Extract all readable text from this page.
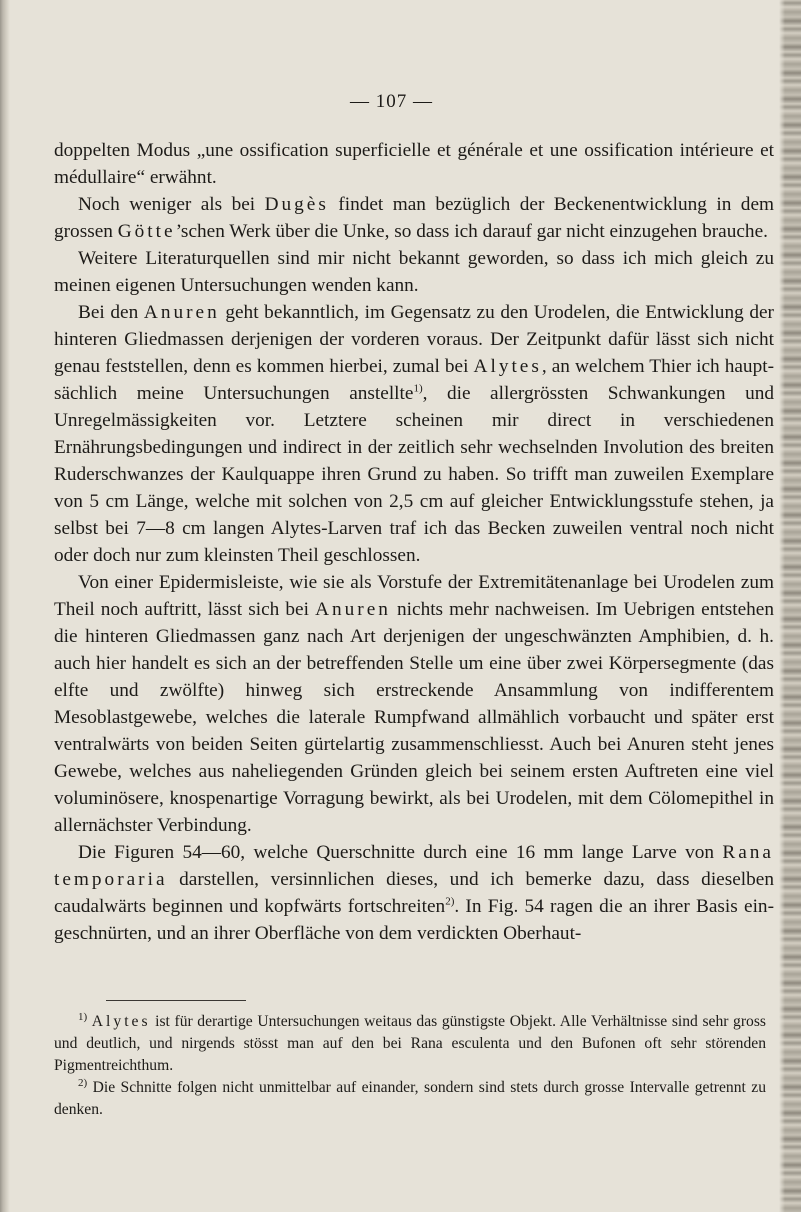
— 107 —

doppelten Modus „une ossification superficielle et générale et une ossification intérieure et médullaire“ erwähnt.

Noch weniger als bei Dugès findet man bezüglich der Beckenentwicklung in dem grossen Götte’schen Werk über die Unke, so dass ich darauf gar nicht einzugehen brauche.

Weitere Literaturquellen sind mir nicht bekannt geworden, so dass ich mich gleich zu meinen eigenen Untersuchungen wenden kann.

Bei den Anuren geht bekanntlich, im Gegensatz zu den Urodelen, die Entwicklung der hinteren Gliedmassen derjenigen der vorderen voraus. Der Zeitpunkt dafür lässt sich nicht genau feststellen, denn es kommen hierbei, zumal bei Alytes, an welchem Thier ich hauptsächlich meine Untersuchungen anstellte$^{1)}$, die allergrössten Schwankungen und Unregelmässigkeiten vor. Letztere scheinen mir direct in verschiedenen Ernährungsbedingungen und indirect in der zeitlich sehr wechselnden Involution des breiten Ruderschwanzes der Kaulquappe ihren Grund zu haben. So trifft man zuweilen Exemplare von 5 cm Länge, welche mit solchen von 2,5 cm auf gleicher Entwicklungsstufe stehen, ja selbst bei 7—8 cm langen Alytes-Larven traf ich das Becken zuweilen ventral noch nicht oder doch nur zum kleinsten Theil geschlossen.

Von einer Epidermisleiste, wie sie als Vorstufe der Extremitätenanlage bei Urodelen zum Theil noch auftritt, lässt sich bei Anuren nichts mehr nachweisen. Im Uebrigen entstehen die hinteren Gliedmassen ganz nach Art derjenigen der ungeschwänzten Amphibien, d. h. auch hier handelt es sich an der betreffenden Stelle um eine über zwei Körpersegmente (das elfte und zwölfte) hinweg sich erstreckende Ansammlung von indifferentem Mesoblastgewebe, welches die laterale Rumpfwand allmählich vorbaucht und später erst ventralwärts von beiden Seiten gürtelartig zusammenschliesst. Auch bei Anuren steht jenes Gewebe, welches aus naheliegenden Gründen gleich bei seinem ersten Auftreten eine viel voluminösere, knospenartige Vorragung bewirkt, als bei Urodelen, mit dem Cölomepithel in allernächster Verbindung.

Die Figuren 54—60, welche Querschnitte durch eine 16 mm lange Larve von Rana temporaria darstellen, versinnlichen dieses, und ich bemerke dazu, dass dieselben caudalwärts beginnen und kopfwärts fortschreiten$^{2)}$. In Fig. 54 ragen die an ihrer Basis eingeschnürten, und an ihrer Oberfläche von dem verdickten Oberhaut-

$^{1)}$ Alytes ist für derartige Untersuchungen weitaus das günstigste Objekt. Alle Verhältnisse sind sehr gross und deutlich, und nirgends stösst man auf den bei Rana esculenta und den Bufonen oft sehr störenden Pigmentreichthum.

$^{2)}$ Die Schnitte folgen nicht unmittelbar auf einander, sondern sind stets durch grosse Intervalle getrennt zu denken.
